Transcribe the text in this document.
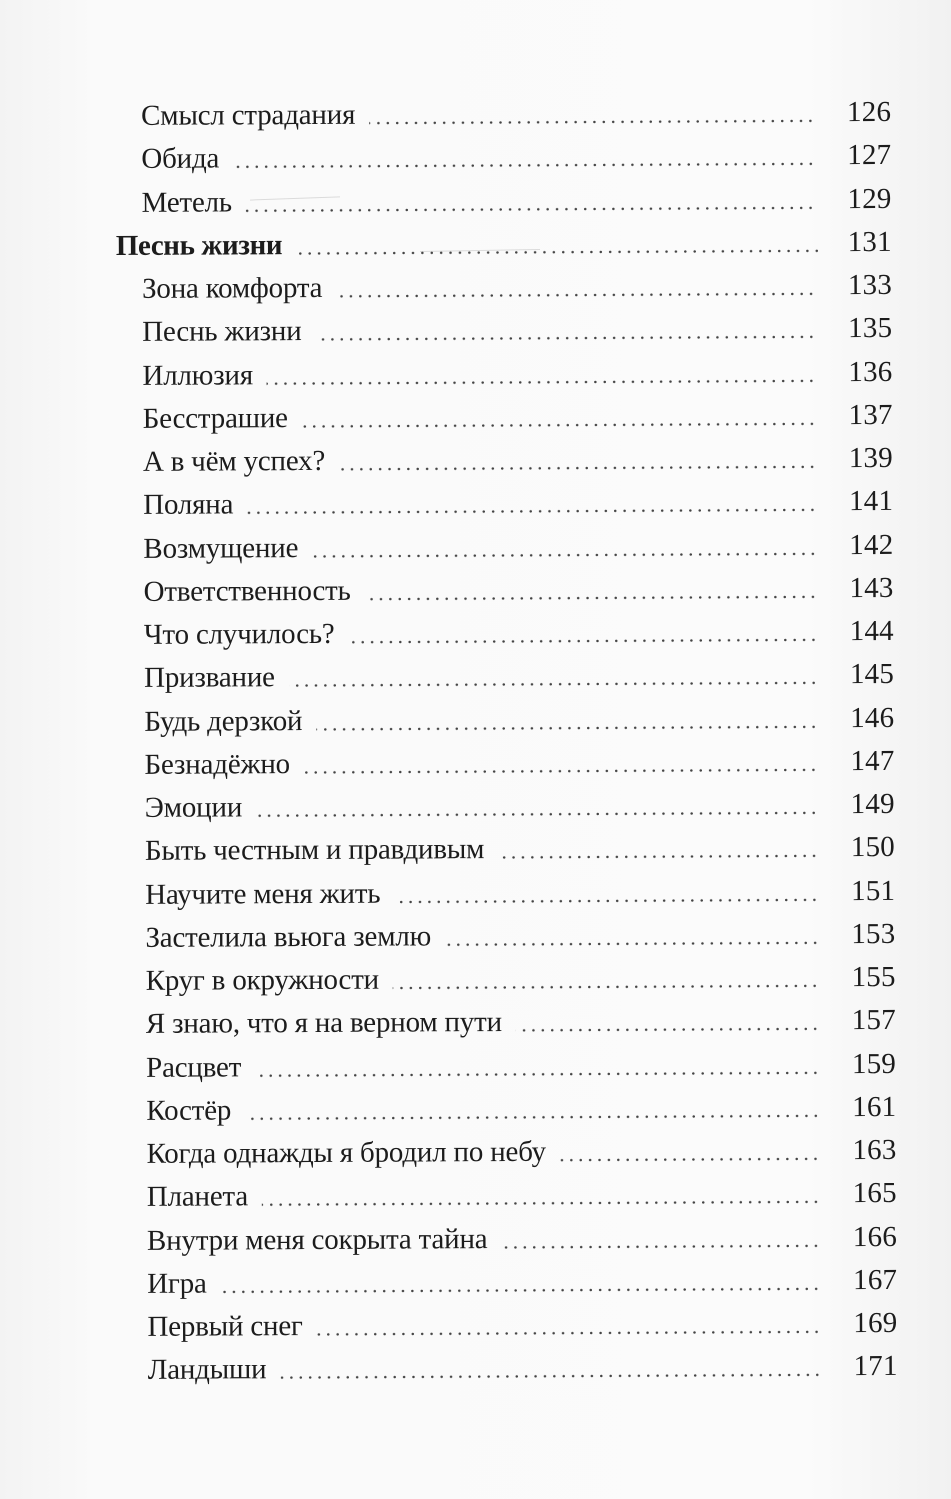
Смысл страдания	126
Обида	127
Метель	129
Песнь жизни	131
Зона комфорта	133
Песнь жизни	135
Иллюзия	136
Бесстрашие	137
А в чём успех?	139
Поляна	141
Возмущение	142
Ответственность	143
Что случилось?	144
Призвание	145
Будь дерзкой	146
Безнадёжно	147
Эмоции	149
Быть честным и правдивым	150
Научите меня жить	151
Застелила вьюга землю	153
Круг в окружности	155
Я знаю, что я на верном пути	157
Расцвет	159
Костёр	161
Когда однажды я бродил по небу	163
Планета	165
Внутри меня сокрыта тайна	166
Игра	167
Первый снег	169
Ландыши	171
